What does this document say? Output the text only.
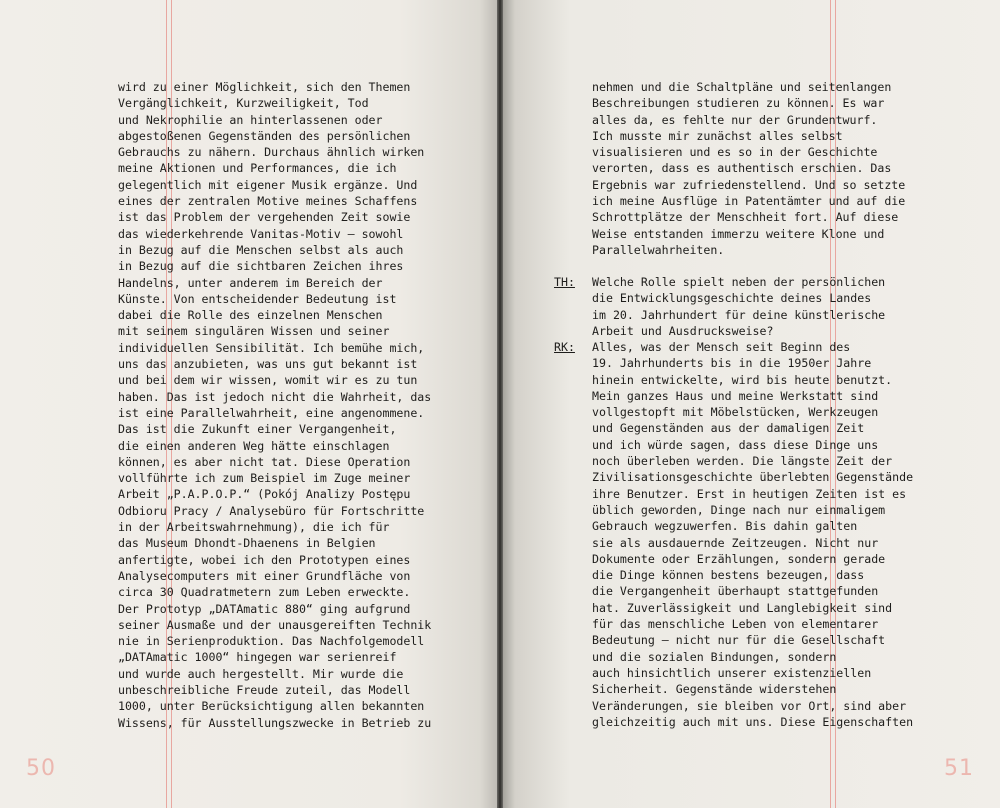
wird zu einer Möglichkeit, sich den Themen
Vergänglichkeit, Kurzweiligkeit, Tod
und Nekrophilie an hinterlassenen oder
abgestoßenen Gegenständen des persönlichen
Gebrauchs zu nähern. Durchaus ähnlich wirken
meine Aktionen und Performances, die ich
gelegentlich mit eigener Musik ergänze. Und
eines der zentralen Motive meines Schaffens
ist das Problem der vergehenden Zeit sowie
das wiederkehrende Vanitas-Motiv – sowohl
in Bezug auf die Menschen selbst als auch
in Bezug auf die sichtbaren Zeichen ihres
Handelns, unter anderem im Bereich der
Künste. Von entscheidender Bedeutung ist
dabei die Rolle des einzelnen Menschen
mit seinem singulären Wissen und seiner
individuellen Sensibilität. Ich bemühe mich,
uns das anzubieten, was uns gut bekannt ist
und bei dem wir wissen, womit wir es zu tun
haben. Das ist jedoch nicht die Wahrheit, das
ist eine Parallelwahrheit, eine angenommene.
Das ist die Zukunft einer Vergangenheit,
die einen anderen Weg hätte einschlagen
können, es aber nicht tat. Diese Operation
vollführte ich zum Beispiel im Zuge meiner
Arbeit „P.A.P.O.P.“ (Pokój Analizy Postępu
Odbioru Pracy / Analysebüro für Fortschritte
in der Arbeitswahrnehmung), die ich für
das Museum Dhondt-Dhaenens in Belgien
anfertigte, wobei ich den Prototypen eines
Analysecomputers mit einer Grundfläche von
circa 30 Quadratmetern zum Leben erweckte.
Der Prototyp „DATAmatic 880“ ging aufgrund
seiner Ausmaße und der unausgereiften Technik
nie in Serienproduktion. Das Nachfolgemodell
„DATAmatic 1000“ hingegen war serienreif
und wurde auch hergestellt. Mir wurde die
unbeschreibliche Freude zuteil, das Modell
1000, unter Berücksichtigung allen bekannten
Wissens, für Ausstellungszwecke in Betrieb zu
50
nehmen und die Schaltpläne und seitenlangen
Beschreibungen studieren zu können. Es war
alles da, es fehlte nur der Grundentwurf.
Ich musste mir zunächst alles selbst
visualisieren und es so in der Geschichte
verorten, dass es authentisch erschien. Das
Ergebnis war zufriedenstellend. Und so setzte
ich meine Ausflüge in Patentämter und auf die
Schrottplätze der Menschheit fort. Auf diese
Weise entstanden immerzu weitere Klone und
Parallelwahrheiten.
TH: Welche Rolle spielt neben der persönlichen
die Entwicklungsgeschichte deines Landes
im 20. Jahrhundert für deine künstlerische
Arbeit und Ausdrucksweise?
RK: Alles, was der Mensch seit Beginn des
19. Jahrhunderts bis in die 1950er Jahre
hinein entwickelte, wird bis heute benutzt.
Mein ganzes Haus und meine Werkstatt sind
vollgestopft mit Möbelstücken, Werkzeugen
und Gegenständen aus der damaligen Zeit
und ich würde sagen, dass diese Dinge uns
noch überleben werden. Die längste Zeit der
Zivilisationsgeschichte überlebten Gegenstände
ihre Benutzer. Erst in heutigen Zeiten ist es
üblich geworden, Dinge nach nur einmaligem
Gebrauch wegzuwerfen. Bis dahin galten
sie als ausdauernde Zeitzeugen. Nicht nur
Dokumente oder Erzählungen, sondern gerade
die Dinge können bestens bezeugen, dass
die Vergangenheit überhaupt stattgefunden
hat. Zuverlässigkeit und Langlebigkeit sind
für das menschliche Leben von elementarer
Bedeutung – nicht nur für die Gesellschaft
und die sozialen Bindungen, sondern
auch hinsichtlich unserer existenziellen
Sicherheit. Gegenstände widerstehen
Veränderungen, sie bleiben vor Ort, sind aber
gleichzeitig auch mit uns. Diese Eigenschaften
51
